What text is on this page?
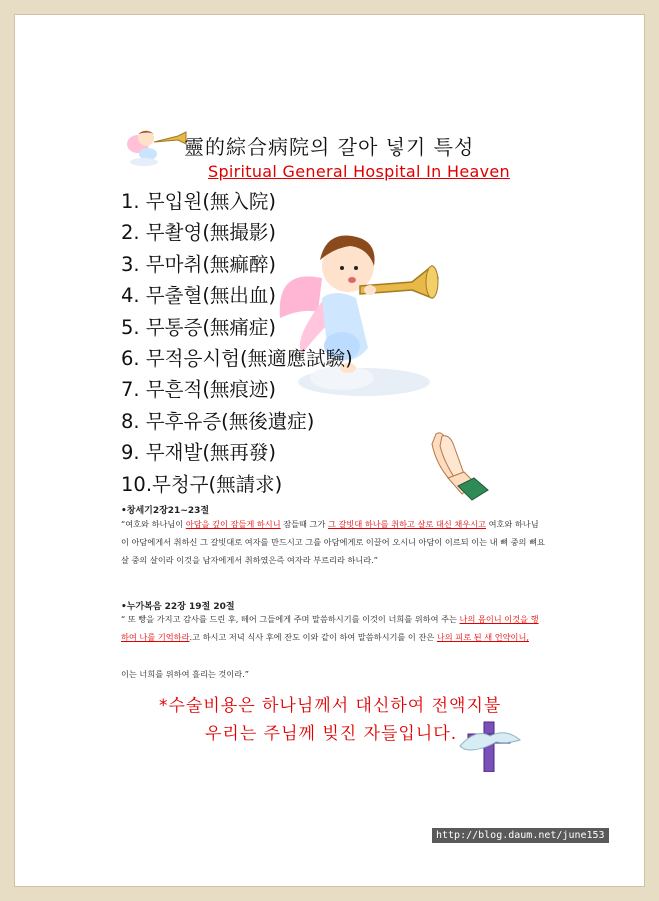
靈的綜合病院의 갈아 넣기 특성
Spiritual General Hospital In Heaven
1. 무입원(無入院)
2. 무촬영(無撮影)
3. 무마취(無痲醉)
4. 무출혈(無出血)
5. 무통증(無痛症)
6. 무적응시험(無適應試驗)
7. 무흔적(無痕迹)
8. 무후유증(無後遺症)
9. 무재발(無再發)
10.무청구(無請求)
•창세기2장21~23절
“여호와 하나님이 아담을 깊이 잠들게 하시니 잠들때 그가 그 갈빗대 하나를 취하고 살로 대신 채우시고 여호와 하나님이 아담에게서 취하신 그 갈빗대로 여자를 만드시고 그를 아담에게로 이끌어 오시니 아담이 이르되 이는 내 뼈 중의 뼈요 살 중의 살이라 이것을 남자에게서 취하였은즉 여자라 부르리라 하니라.”
•누가복음 22장 19절 20절
“ 또 빵을 가지고 감사를 드린 후, 떼어 그들에게 주며 말씀하시기를 이것이 너희를 위하여 주는 나의 몸이니 이것을 행하여 나를 기억하라.고 하시고 저녁 식사 후에 잔도 이와 같이 하여 말씀하시기를 이 잔은 나의 피로 된 새 언약이니,
이는 너희를 위하여 흘리는 것이라.”
*수술비용은 하나님께서 대신하여 전액지불
우리는 주님께 빚진 자들입니다.
http://blog.daum.net/june153
